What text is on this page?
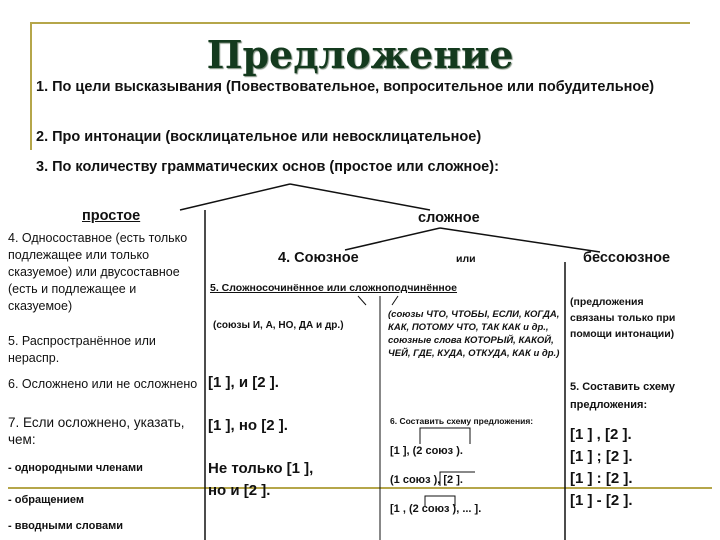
Предложение
1. По цели высказывания (Повествовательное, вопросительное или побудительное)
2. Про интонации (восклицательное или невосклицательное)
3. По количеству грамматических основ (простое или сложное):
простое
4. Односоставное (есть только подлежащее или только сказуемое) или двусоставное (есть и подлежащее и сказуемое)
5. Распространённое или нераспр.
6. Осложнено или не осложнено
7. Если осложнено, указать, чем:
- однородными членами
- обращением
- вводными словами
сложное
4. Союзное	или	бессоюзное
5. Сложносочинённое или сложноподчинённое
(союзы И, А, НО, ДА и др.)
[1 ], и [2 ].
[1 ], но [2 ].
Не только [1 ],
но и [2 ].
(союзы ЧТО, ЧТОБЫ, ЕСЛИ, КОГДА, КАК, ПОТОМУ ЧТО, ТАК КАК и др., союзные слова КОТОРЫЙ, КАКОЙ, ЧЕЙ, ГДЕ, КУДА, ОТКУДА, КАК и др.)
6. Составить схему предложения:
[1 ], (2 союз ).
(1 союз ), [2 ].
[1 , (2 союз ), ... ].
(предложения связаны только при помощи интонации)
5. Составить схему предложения:
[1 ] , [2 ].
[1 ] ; [2 ].
[1 ] : [2 ].
[1 ] - [2 ].
